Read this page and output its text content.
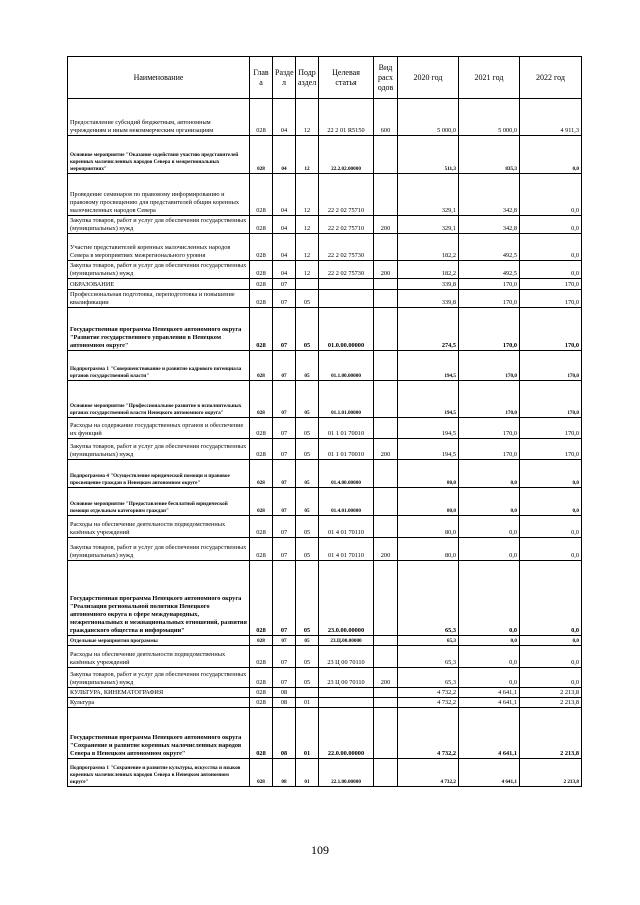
Наименование	Глав а	Разде л	Подр аздел	Целевая статья	Вид расх одов	2020 год	2021 год	2022 год
Предоставление субсидий бюджетным, автономным учреждениям и иным некоммерческим организациям	028	04	12	22 2 01 R5150	600	5 000,0	5 000,0	4 911,3
Основное мероприятие "Оказание содействия участию представителей коренных малочисленных народов Севера в межрегиональных мероприятиях"	028	04	12	22.2.02.00000		511,3	835,3	0,0
Проведение семинаров по правовому информированию и правовому просвещению для представителей общин коренных малочисленных народов Севера	028	04	12	22 2 02 75710		329,1	342,8	0,0
Закупка товаров, работ и услуг для обеспечения государственных (муниципальных) нужд	028	04	12	22 2 02 75710	200	329,1	342,8	0,0
Участие представителей коренных малочисленных народов Севера в мероприятиях межрегионального уровня	028	04	12	22 2 02 75730		182,2	492,5	0,0
Закупка товаров, работ и услуг для обеспечения государственных (муниципальных) нужд	028	04	12	22 2 02 75730	200	182,2	492,5	0,0
ОБРАЗОВАНИЕ	028	07				339,8	170,0	170,0
Профессиональная подготовка, переподготовка и повышение квалификации	028	07	05			339,8	170,0	170,0
Государственная программа Ненецкого автономного округа "Развитие государственного управления в Ненецком автономном округе"	028	07	05	01.0.00.00000		274,5	170,0	170,0
Подпрограмма 1 "Совершенствование и развитие кадрового потенциала органов государственной власти"	028	07	05	01.1.00.00000		194,5	170,0	170,0
Основное мероприятие "Профессиональное развитие в исполнительных органах государственной власти Ненецкого автономного округа"	028	07	05	01.1.01.00000		194,5	170,0	170,0
Расходы на содержание государственных органов и обеспечение их функций	028	07	05	01 1 01 70010		194,5	170,0	170,0
Закупка товаров, работ и услуг для обеспечения государственных (муниципальных) нужд	028	07	05	01 1 01 70010	200	194,5	170,0	170,0
Подпрограмма 4 "Осуществление юридической помощи и правовое просвещение граждан в Ненецком автономном округе"	028	07	05	01.4.00.00000		80,0	0,0	0,0
Основное мероприятие "Предоставление бесплатной юридической помощи отдельным категориям граждан"	028	07	05	01.4.01.00000		80,0	0,0	0,0
Расходы на обеспечение деятельности подведомственных казённых учреждений	028	07	05	01 4 01 70110		80,0	0,0	0,0
Закупка товаров, работ и услуг для обеспечения государственных (муниципальных) нужд	028	07	05	01 4 01 70110	200	80,0	0,0	0,0
Государственная программа Ненецкого автономного округа "Реализация региональной политики Ненецкого автономного округа в сфере международных, межрегиональных и межнациональных отношений, развития гражданского общества и информации"	028	07	05	23.0.00.00000		65,3	0,0	0,0
Отдельные мероприятия программы	028	07	05	23.Ц.00.00000		65,3	0,0	0,0
Расходы на обеспечение деятельности подведомственных казённых учреждений	028	07	05	23 Ц 00 70110		65,3	0,0	0,0
Закупка товаров, работ и услуг для обеспечения государственных (муниципальных) нужд	028	07	05	23 Ц 00 70110	200	65,3	0,0	0,0
КУЛЬТУРА, КИНЕМАТОГРАФИЯ	028	08				4 732,2	4 641,1	2 213,8
Культура	028	08	01			4 732,2	4 641,1	2 213,8
Государственная программа Ненецкого автономного округа "Сохранение и развитие коренных малочисленных народов Севера в Ненецком автономном округе"	028	08	01	22.0.00.00000		4 732,2	4 641,1	2 213,8
Подпрограмма 1 "Сохранение и развитие культуры, искусства и языков коренных малочисленных народов Севера в Ненецком автономном округе"	028	08	01	22.1.00.00000		4 732,2	4 641,1	2 213,8
109
